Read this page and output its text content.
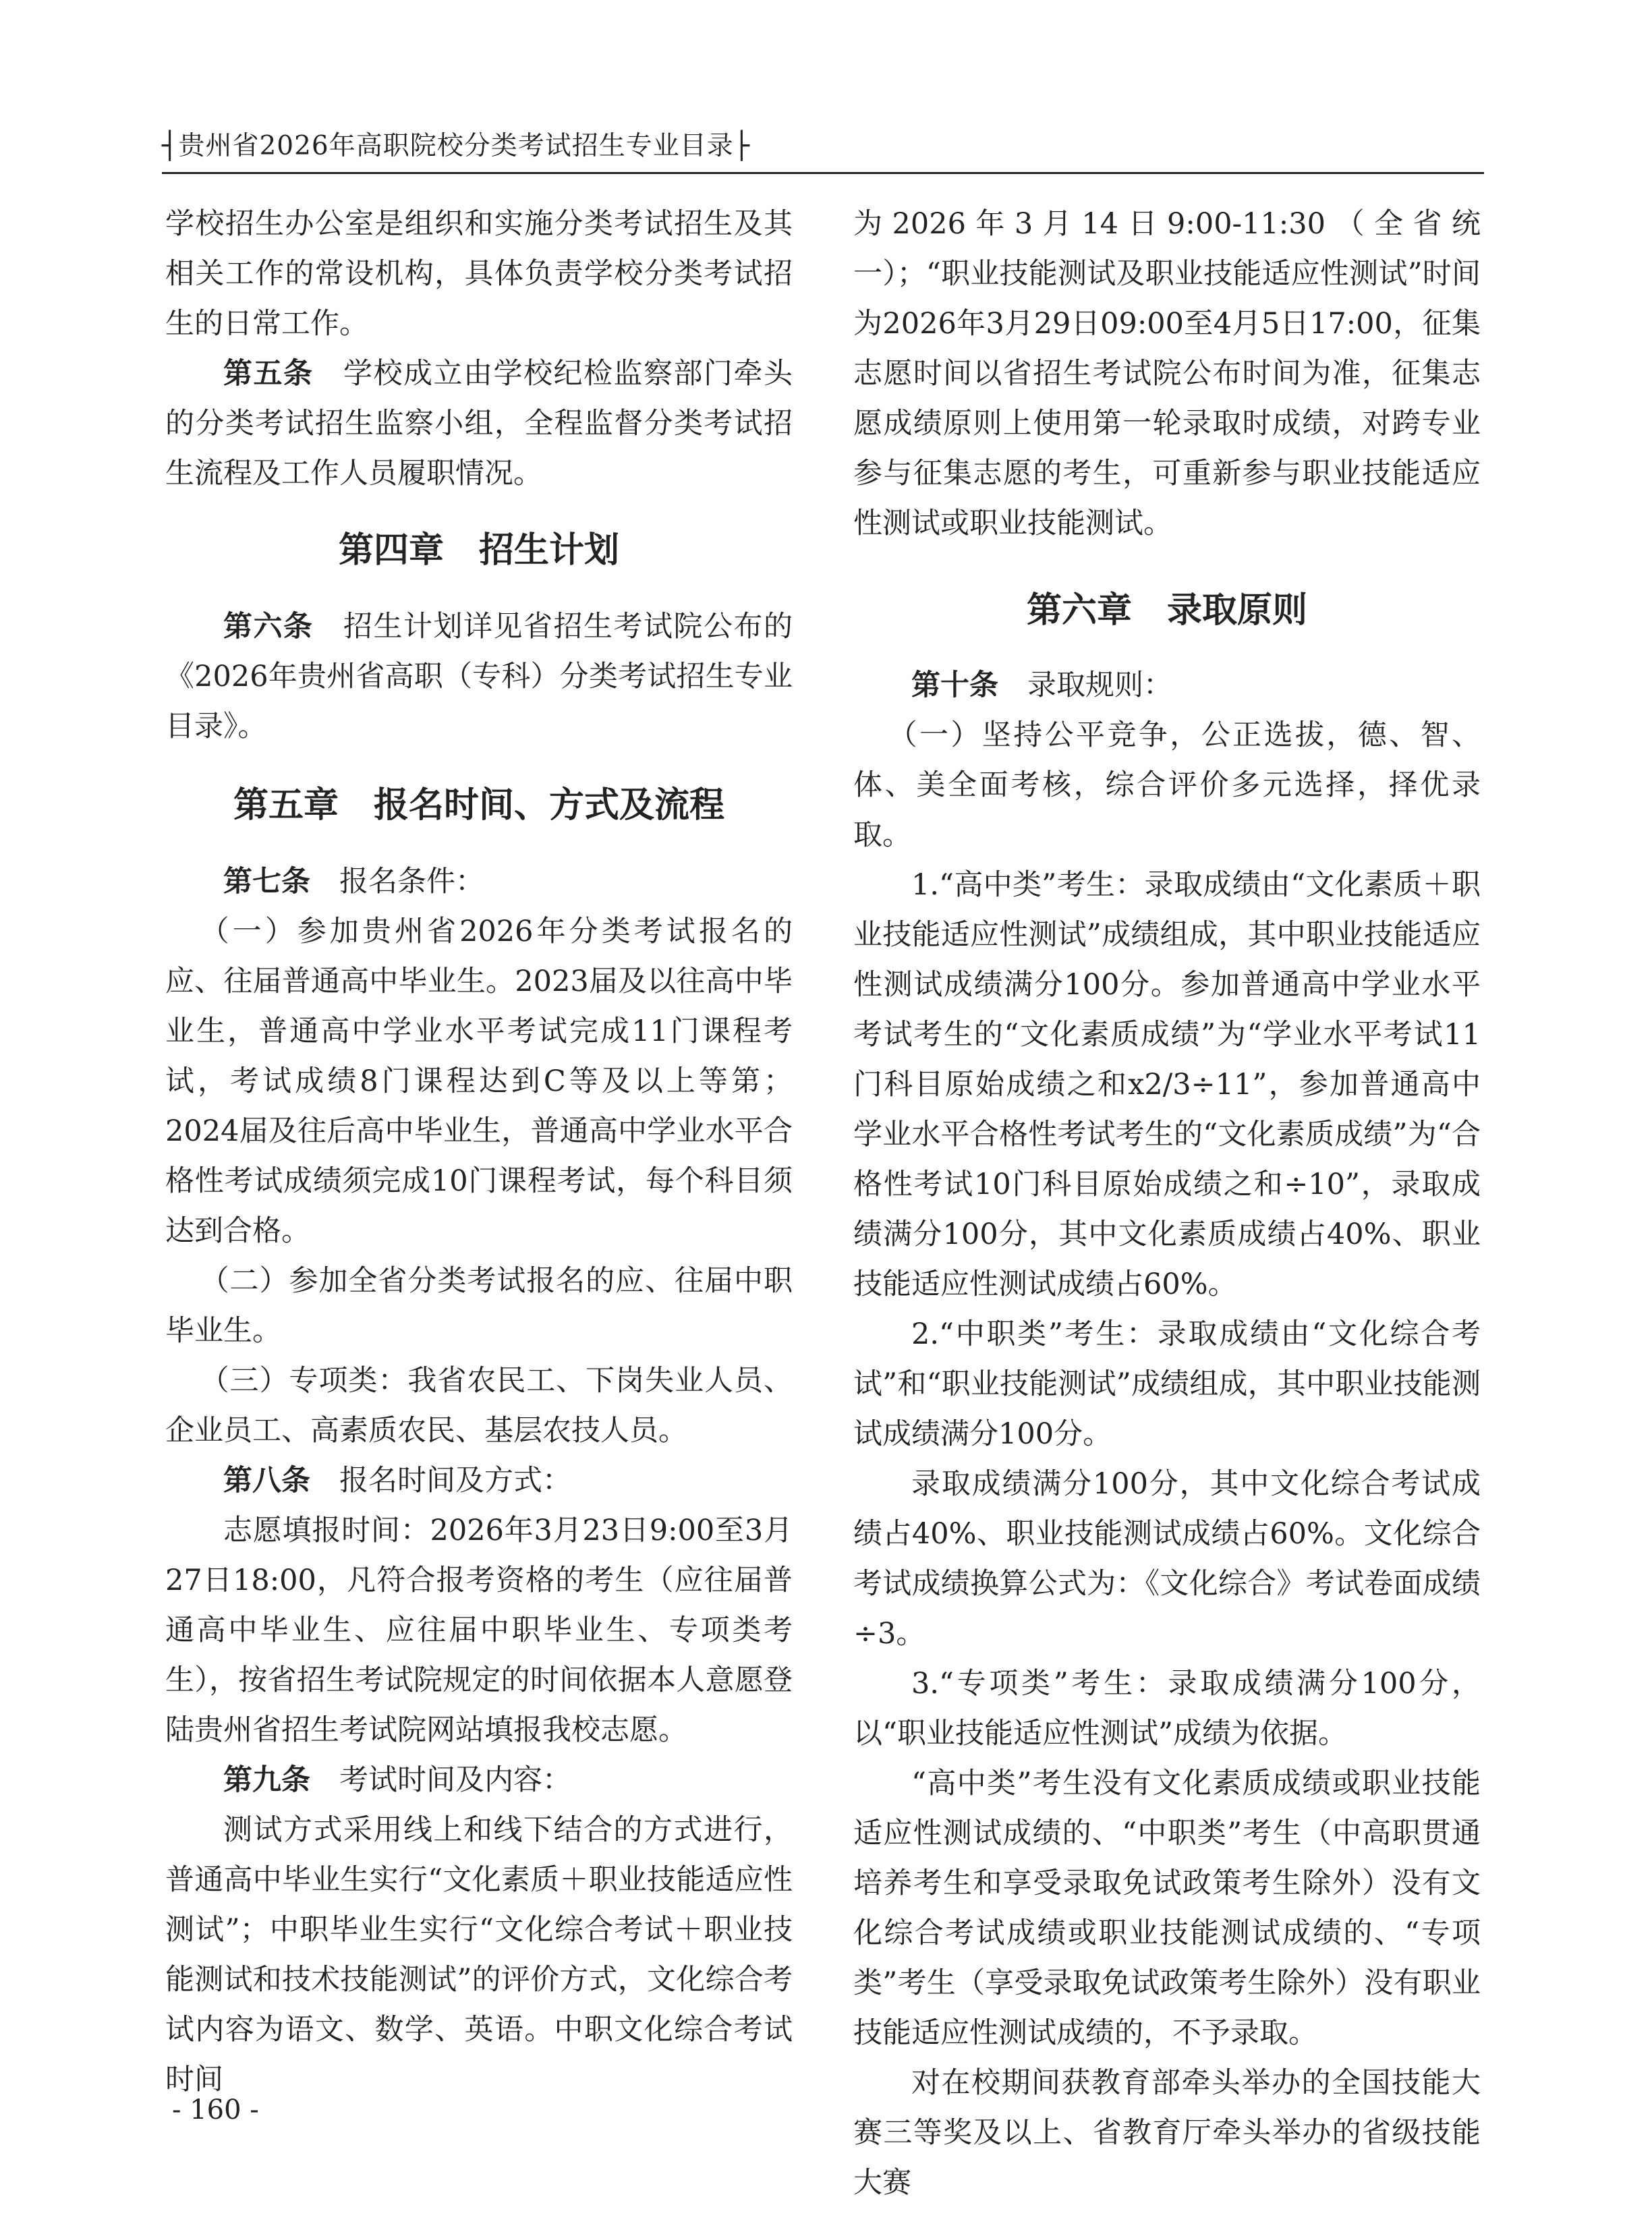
┤贵州省2026年高职院校分类考试招生专业目录├

学校招生办公室是组织和实施分类考试招生及其相关工作的常设机构，具体负责学校分类考试招生的日常工作。

第五条　 学校成立由学校纪检监察部门牵头的分类考试招生监察小组，全程监督分类考试招生流程及工作人员履职情况。

第四章　招生计划

第六条　 招生计划详见省招生考试院公布的《2026年贵州省高职（专科）分类考试招生专业目录》。

第五章　报名时间、方式及流程

第七条　 报名条件：

（一）参加贵州省2026年分类考试报名的应、往届普通高中毕业生。2023届及以往高中毕业生，普通高中学业水平考试完成11门课程考试，考试成绩8门课程达到C等及以上等第；2024届及往后高中毕业生，普通高中学业水平合格性考试成绩须完成10门课程考试，每个科目须达到合格。

（二）参加全省分类考试报名的应、往届中职毕业生。

（三）专项类：我省农民工、下岗失业人员、企业员工、高素质农民、基层农技人员。

第八条　 报名时间及方式：

志愿填报时间：2026年3月23日9:00至3月27日18:00，凡符合报考资格的考生（应往届普通高中毕业生、应往届中职毕业生、专项类考生），按省招生考试院规定的时间依据本人意愿登陆贵州省招生考试院网站填报我校志愿。

第九条　 考试时间及内容：

测试方式采用线上和线下结合的方式进行，普通高中毕业生实行“文化素质＋职业技能适应性测试”；中职毕业生实行“文化综合考试＋职业技能测试和技术技能测试”的评价方式，文化综合考试内容为语文、数学、英语。中职文化综合考试时间

为2026年3月14日9:00-11:30（全省统一）；“职业技能测试及职业技能适应性测试”时间为2026年3月29日09:00至4月5日17:00，征集志愿时间以省招生考试院公布时间为准，征集志愿成绩原则上使用第一轮录取时成绩，对跨专业参与征集志愿的考生，可重新参与职业技能适应性测试或职业技能测试。

第六章　录取原则

第十条　 录取规则：

（一）坚持公平竞争，公正选拔，德、智、体、美全面考核，综合评价多元选择，择优录取。

1.“高中类”考生：录取成绩由“文化素质＋职业技能适应性测试”成绩组成，其中职业技能适应性测试成绩满分100分。参加普通高中学业水平考试考生的“文化素质成绩”为“学业水平考试11门科目原始成绩之和x2/3÷11”，参加普通高中学业水平合格性考试考生的“文化素质成绩”为“合格性考试10门科目原始成绩之和÷10”，录取成绩满分100分，其中文化素质成绩占40%、职业技能适应性测试成绩占60%。

2.“中职类”考生：录取成绩由“文化综合考试”和“职业技能测试”成绩组成，其中职业技能测试成绩满分100分。

录取成绩满分100分，其中文化综合考试成绩占40%、职业技能测试成绩占60%。文化综合考试成绩换算公式为：《文化综合》考试卷面成绩÷3。

3.“专项类”考生：录取成绩满分100分，以“职业技能适应性测试”成绩为依据。

“高中类”考生没有文化素质成绩或职业技能适应性测试成绩的、“中职类”考生（中高职贯通培养考生和享受录取免试政策考生除外）没有文化综合考试成绩或职业技能测试成绩的、“专项类”考生（享受录取免试政策考生除外）没有职业技能适应性测试成绩的，不予录取。

对在校期间获教育部牵头举办的全国技能大赛三等奖及以上、省教育厅牵头举办的省级技能大赛

- 160 -
